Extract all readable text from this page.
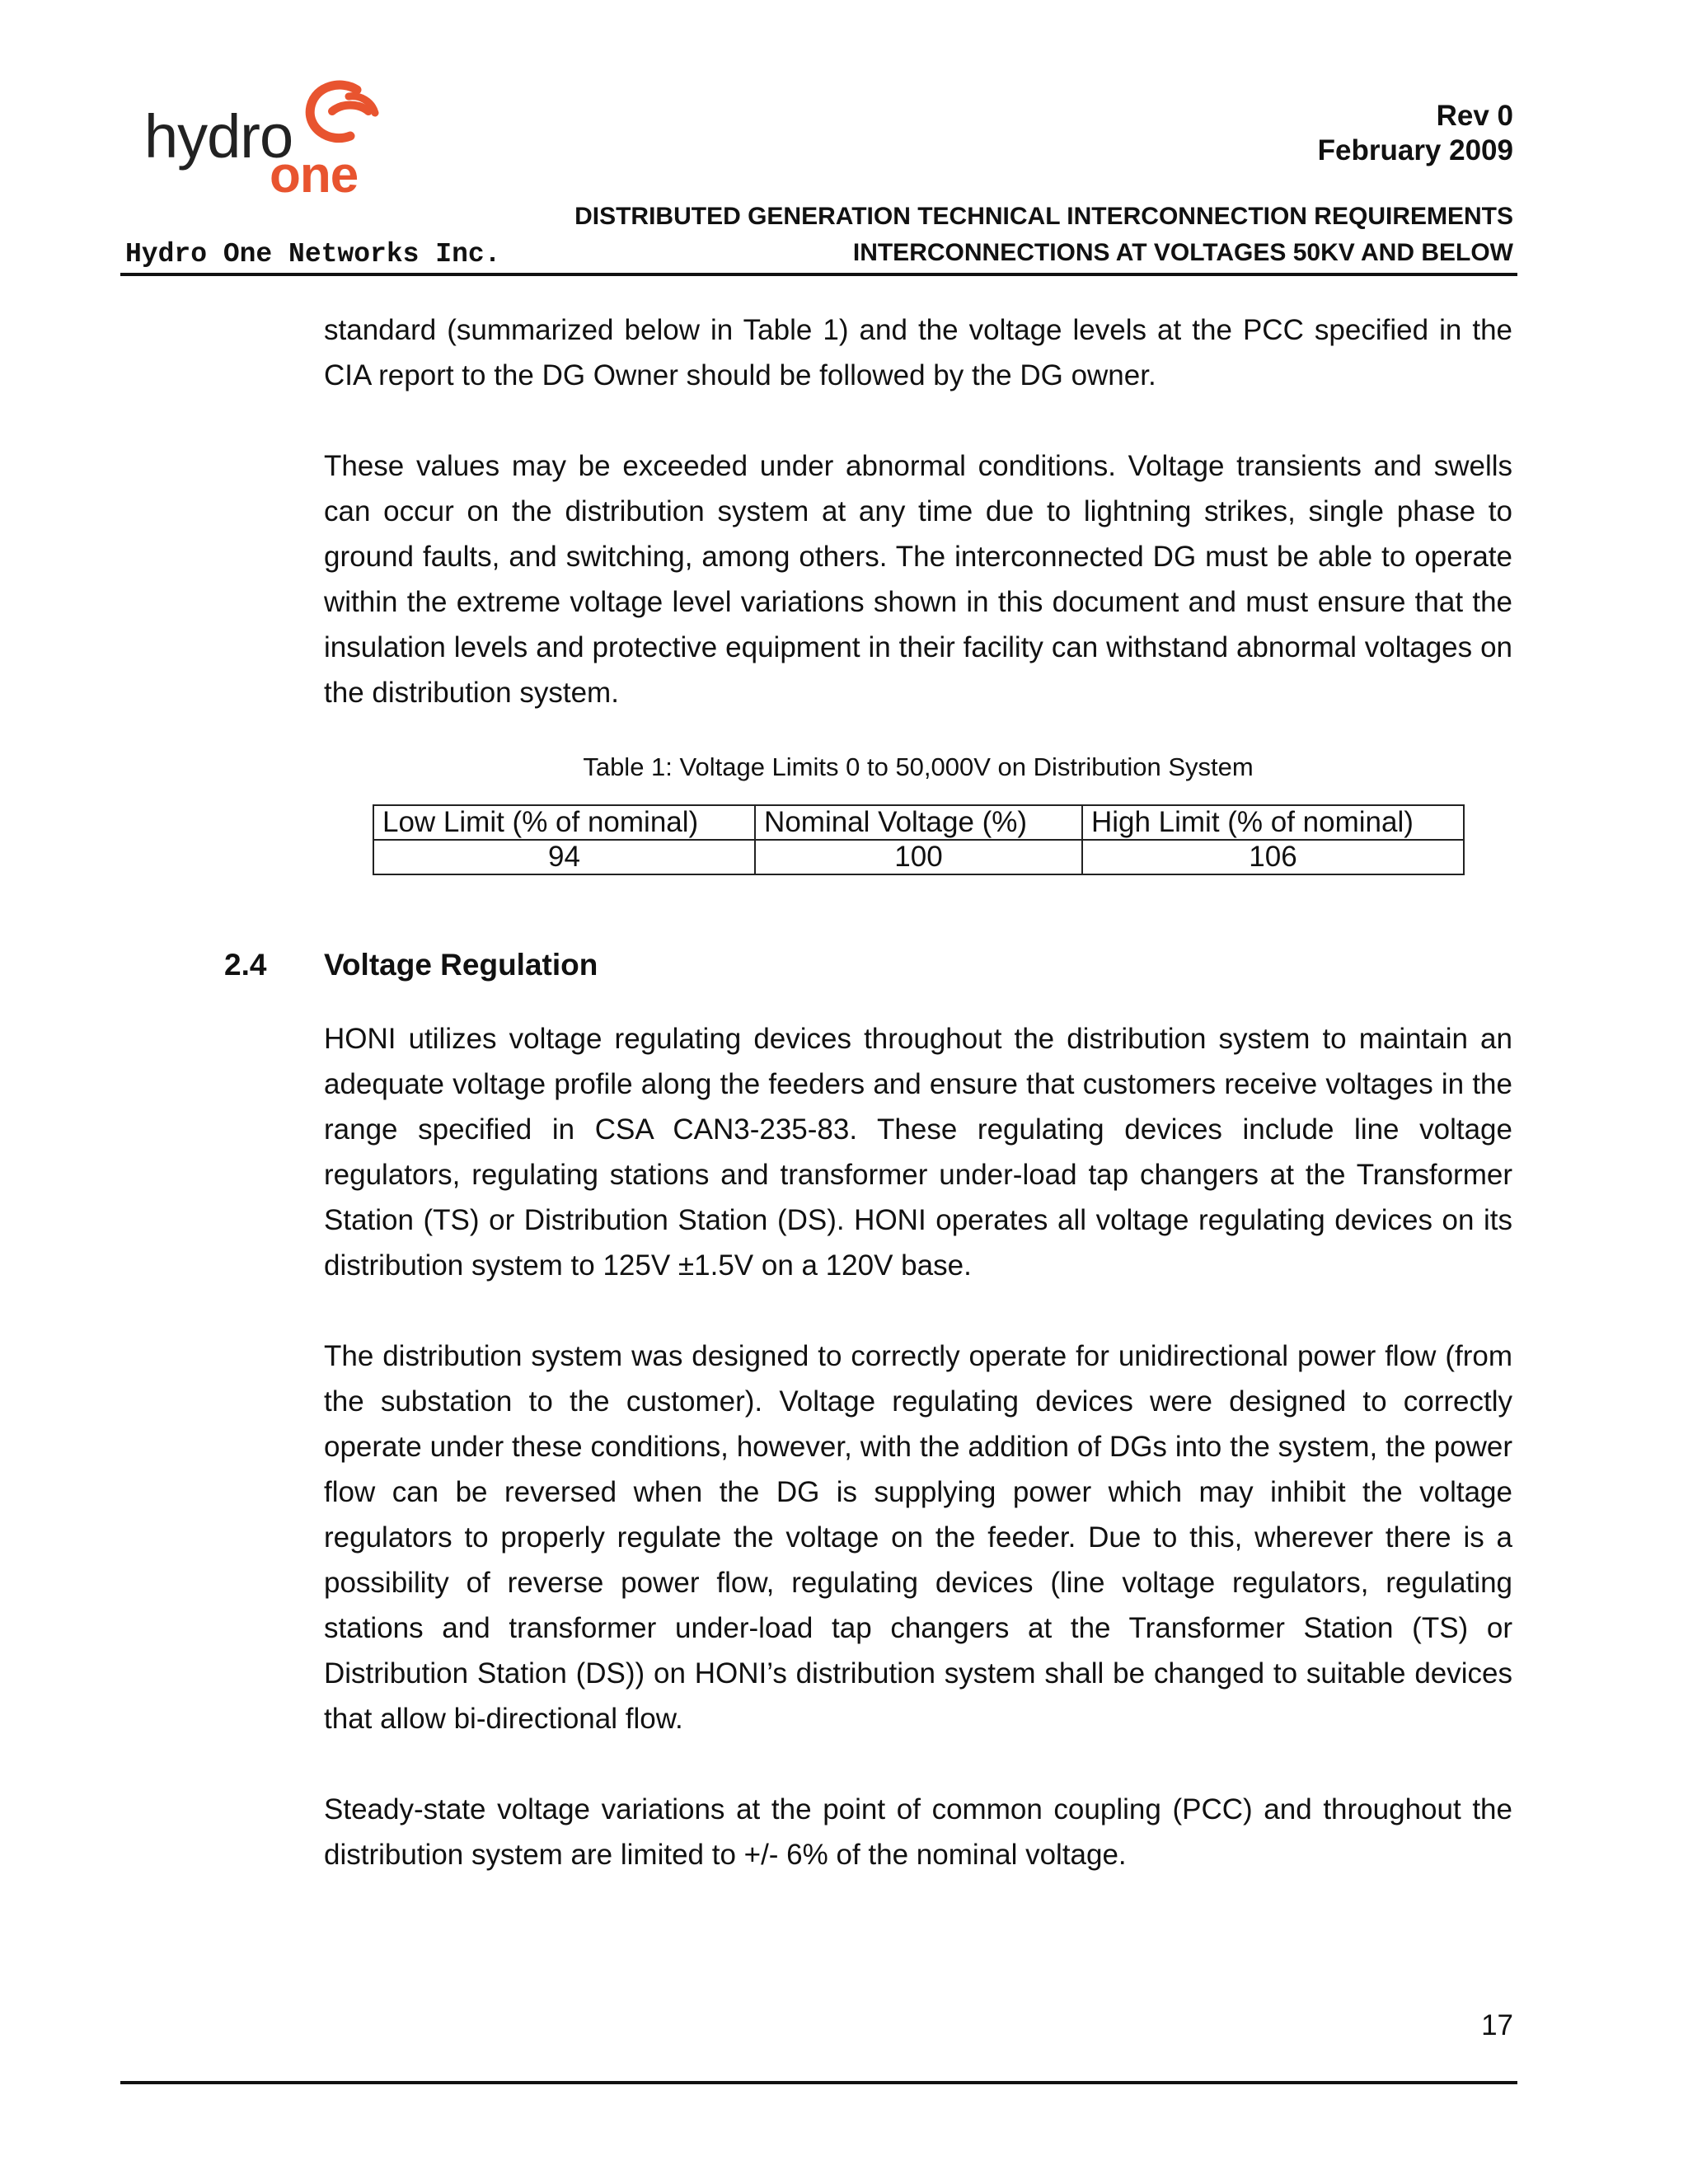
hydro
one
Rev 0
February 2009
DISTRIBUTED GENERATION TECHNICAL INTERCONNECTION REQUIREMENTS
INTERCONNECTIONS AT VOLTAGES 50KV AND BELOW
Hydro One Networks Inc.

standard (summarized below in Table 1) and the voltage levels at the PCC specified in the CIA report to the DG Owner should be followed by the DG owner.

These values may be exceeded under abnormal conditions. Voltage transients and swells can occur on the distribution system at any time due to lightning strikes, single phase to ground faults, and switching, among others. The interconnected DG must be able to operate within the extreme voltage level variations shown in this document and must ensure that the insulation levels and protective equipment in their facility can withstand abnormal voltages on the distribution system.

Table 1: Voltage Limits 0 to 50,000V on Distribution System
Low Limit (% of nominal)	Nominal Voltage (%)	High Limit (% of nominal)
94	100	106
2.4 Voltage Regulation

HONI utilizes voltage regulating devices throughout the distribution system to maintain an adequate voltage profile along the feeders and ensure that customers receive voltages in the range specified in CSA CAN3-235-83. These regulating devices include line voltage regulators, regulating stations and transformer under-load tap changers at the Transformer Station (TS) or Distribution Station (DS). HONI operates all voltage regulating devices on its distribution system to 125V ±1.5V on a 120V base.

The distribution system was designed to correctly operate for unidirectional power flow (from the substation to the customer). Voltage regulating devices were designed to correctly operate under these conditions, however, with the addition of DGs into the system, the power flow can be reversed when the DG is supplying power which may inhibit the voltage regulators to properly regulate the voltage on the feeder. Due to this, wherever there is a possibility of reverse power flow, regulating devices (line voltage regulators, regulating stations and transformer under-load tap changers at the Transformer Station (TS) or Distribution Station (DS)) on HONI’s distribution system shall be changed to suitable devices that allow bi-directional flow.

Steady-state voltage variations at the point of common coupling (PCC) and throughout the distribution system are limited to +/- 6% of the nominal voltage.

17
